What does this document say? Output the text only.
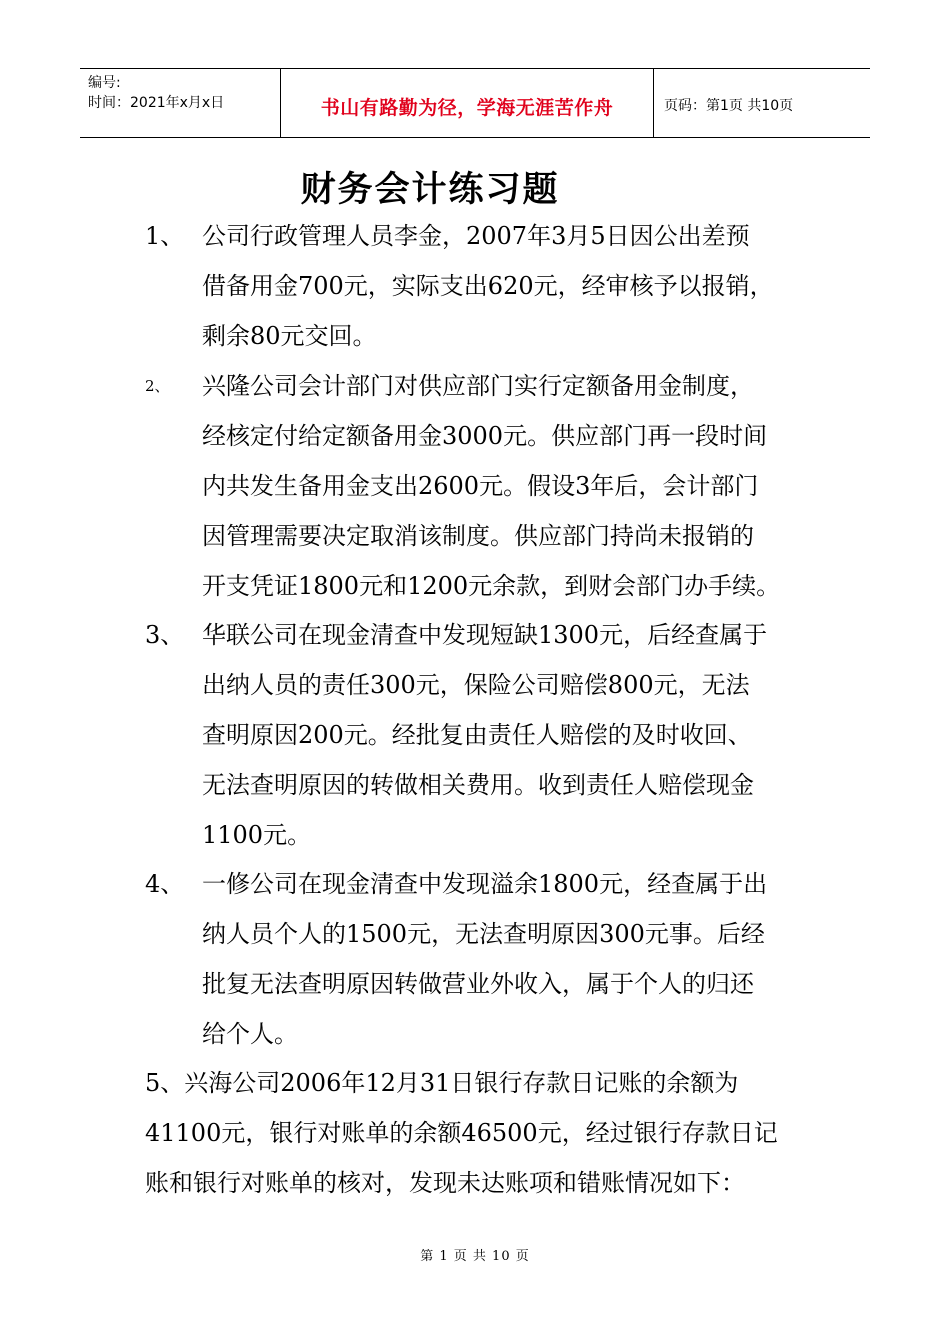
编号:
时间：2021年x月x日	书山有路勤为径，学海无涯苦作舟	页码：第1页 共10页
财务会计练习题
1、 公司行政管理人员李金，2007年3月5日因公出差预
借备用金700元，实际支出620元，经审核予以报销，
剩余80元交回。
2、 兴隆公司会计部门对供应部门实行定额备用金制度，
经核定付给定额备用金3000元。供应部门再一段时间
内共发生备用金支出2600元。假设3年后，会计部门
因管理需要决定取消该制度。供应部门持尚未报销的
开支凭证1800元和1200元余款，到财会部门办手续。
3、 华联公司在现金清查中发现短缺1300元，后经查属于
出纳人员的责任300元，保险公司赔偿800元，无法
查明原因200元。经批复由责任人赔偿的及时收回、
无法查明原因的转做相关费用。收到责任人赔偿现金
1100元。
4、 一修公司在现金清查中发现溢余1800元，经查属于出
纳人员个人的1500元，无法查明原因300元事。后经
批复无法查明原因转做营业外收入，属于个人的归还
给个人。
5、兴海公司2006年12月31日银行存款日记账的余额为
41100元，银行对账单的余额46500元，经过银行存款日记
账和银行对账单的核对，发现未达账项和错账情况如下：
第 1 页 共 10 页
